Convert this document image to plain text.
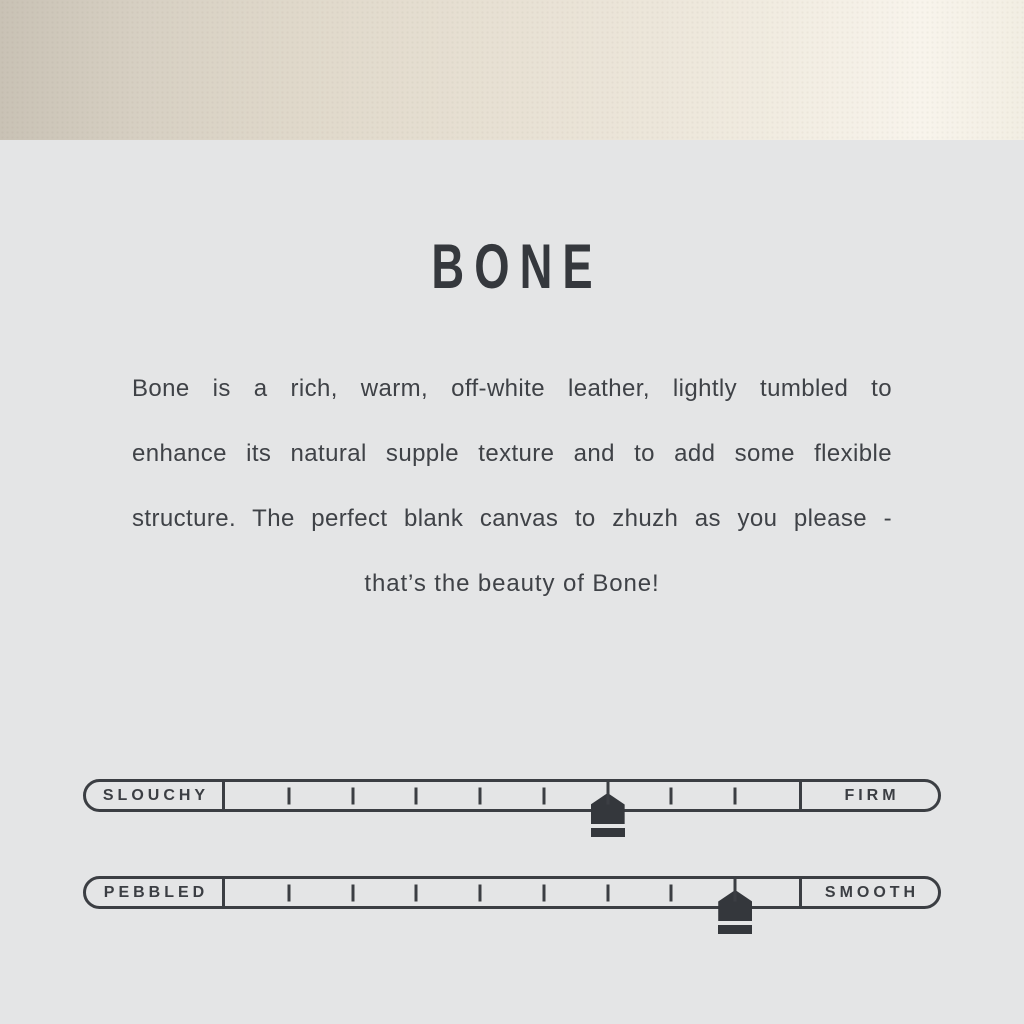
BONE
Bone is a rich, warm, off-white leather, lightly tumbled to
enhance its natural supple texture and to add some flexible
structure. The perfect blank canvas to zhuzh as you please -
that’s the beauty of Bone!
SLOUCHY	FIRM
PEBBLED	SMOOTH
